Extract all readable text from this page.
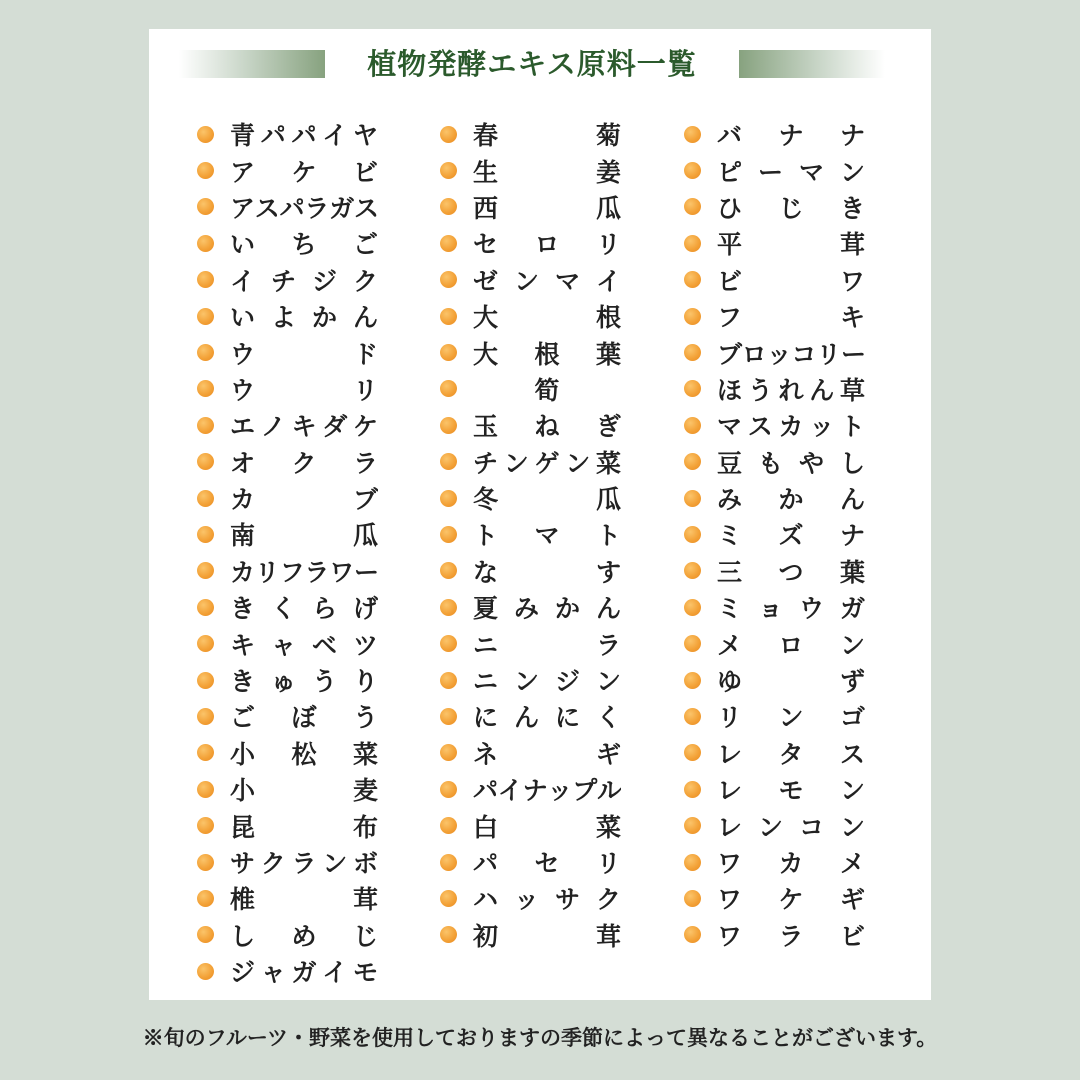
植物発酵エキス原料一覧
青 パ パ イ ヤ
ア ケ ビ
ア ス パ ラ ガ ス
い ち ご
イ チ ジ ク
い よ か ん
ウ	ド
ウ	リ
エ ノ キ ダ ケ
オ ク ラ
カ	ブ
南	瓜
カ リ フ ラ ワ ー
き く ら げ
キ ャ ベ ツ
き ゅ う り
ご ぼ う
小 松 菜
小	麦
昆	布
サ ク ラ ン ボ
椎	茸
し め じ
ジ ャ ガ イ モ
春	菊
生	姜
西	瓜
セ ロ リ
ゼ ン マ イ
大	根
大 根 葉
筍
玉 ね ぎ
チ ン ゲ ン 菜
冬	瓜
ト マ ト
な	す
夏 み か ん
ニ	ラ
ニ ン ジ ン
に ん に く
ネ	ギ
パ イ ナ ッ プ ル
白	菜
パ セ リ
ハ ッ サ ク
初	茸
バ ナ ナ
ピ ー マ ン
ひ じ き
平	茸
ビ	ワ
フ	キ
ブ ロ ッ コ リ ー
ほ う れ ん 草
マ ス カ ッ ト
豆 も や し
み か ん
ミ ズ ナ
三 つ 葉
ミ ョ ウ ガ
メ ロ ン
ゆ	ず
リ ン ゴ
レ タ ス
レ モ ン
レ ン コ ン
ワ カ メ
ワ ケ ギ
ワ ラ ビ
※旬のフルーツ・野菜を使用しておりますの季節によって異なることがございます。
